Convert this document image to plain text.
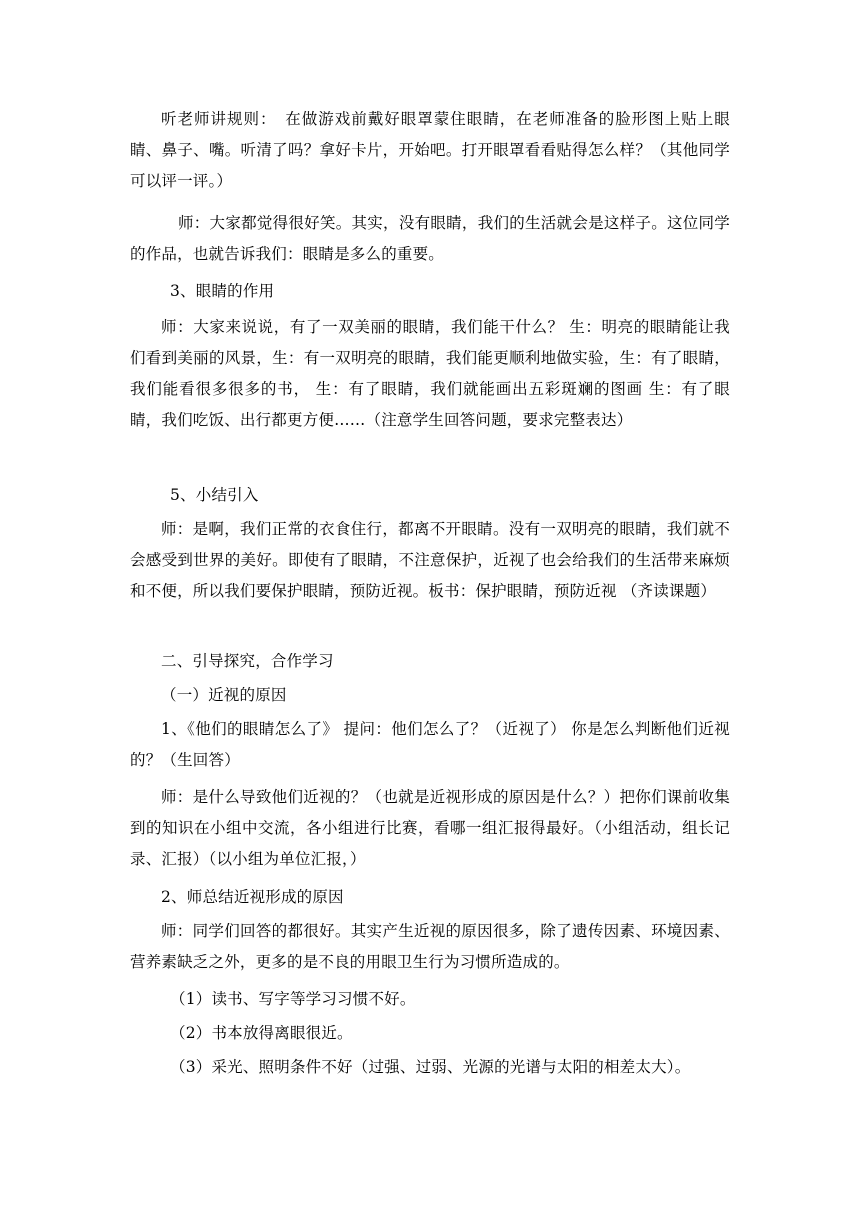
听老师讲规则：　在做游戏前戴好眼罩蒙住眼睛，在老师准备的脸形图上贴上眼睛、鼻子、嘴。听清了吗？拿好卡片，开始吧。打开眼罩看看贴得怎么样？（其他同学可以评一评。）

师：大家都觉得很好笑。其实，没有眼睛，我们的生活就会是这样子。这位同学的作品，也就告诉我们：眼睛是多么的重要。

3、眼睛的作用

师：大家来说说，有了一双美丽的眼睛，我们能干什么？ 生：明亮的眼睛能让我们看到美丽的风景，生：有一双明亮的眼睛，我们能更顺利地做实验，生：有了眼睛，我们能看很多很多的书， 生：有了眼睛，我们就能画出五彩斑斓的图画 生：有了眼睛，我们吃饭、出行都更方便……（注意学生回答问题，要求完整表达）

5、小结引入

师：是啊，我们正常的衣食住行，都离不开眼睛。没有一双明亮的眼睛，我们就不会感受到世界的美好。即使有了眼睛，不注意保护，近视了也会给我们的生活带来麻烦和不便，所以我们要保护眼睛，预防近视。板书：保护眼睛，预防近视 （齐读课题）

二、引导探究，合作学习

（一）近视的原因

1、《他们的眼睛怎么了》 提问：他们怎么了？（近视了） 你是怎么判断他们近视的？（生回答）

师：是什么导致他们近视的？（也就是近视形成的原因是什么？）把你们课前收集到的知识在小组中交流，各小组进行比赛，看哪一组汇报得最好。（小组活动，组长记录、汇报）（以小组为单位汇报，）

2、师总结近视形成的原因

师：同学们回答的都很好。其实产生近视的原因很多，除了遗传因素、环境因素、营养素缺乏之外，更多的是不良的用眼卫生行为习惯所造成的。

（1）读书、写字等学习习惯不好。

（2）书本放得离眼很近。

（3）采光、照明条件不好（过强、过弱、光源的光谱与太阳的相差太大）。
